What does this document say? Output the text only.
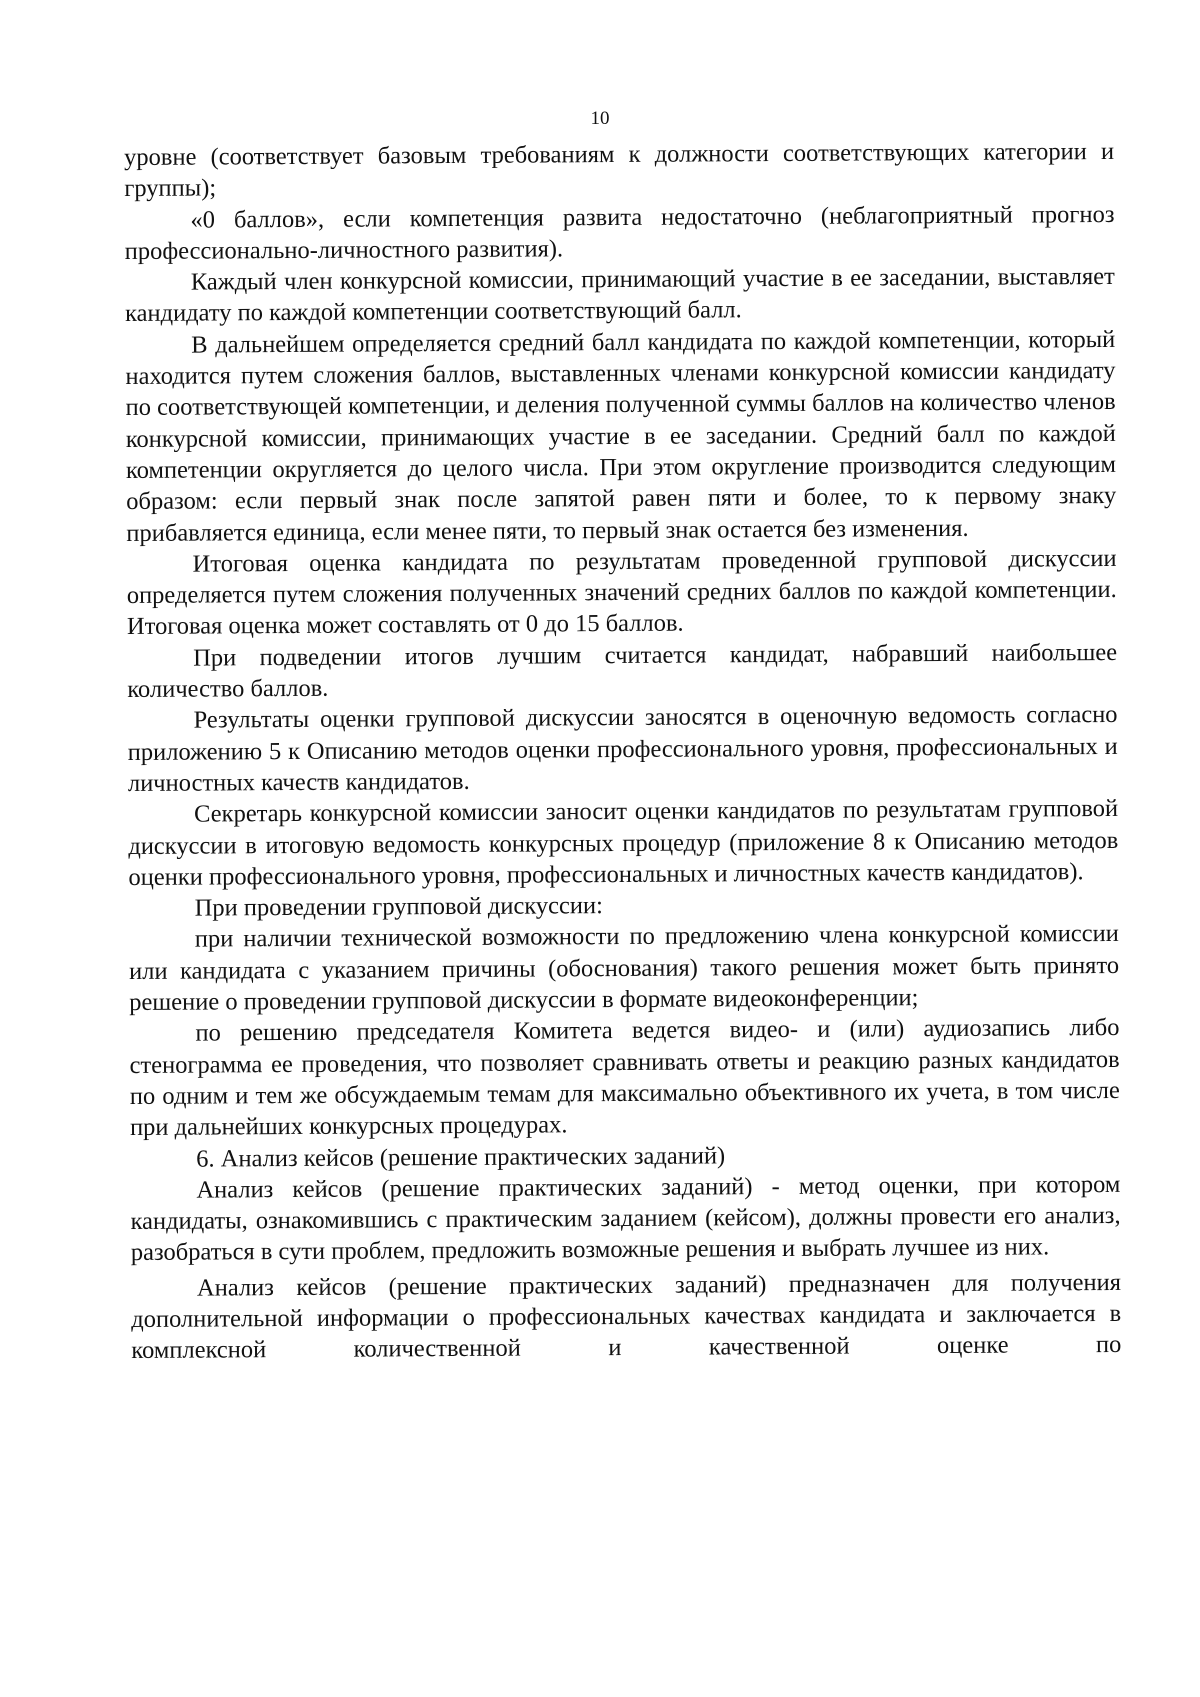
10

уровне (соответствует базовым требованиям к должности соответствующих категории и группы);

«0 баллов», если компетенция развита недостаточно (неблагоприятный прогноз профессионально-личностного развития).

Каждый член конкурсной комиссии, принимающий участие в ее заседании, выставляет кандидату по каждой компетенции соответствующий балл.

В дальнейшем определяется средний балл кандидата по каждой компетенции, который находится путем сложения баллов, выставленных членами конкурсной комиссии кандидату по соответствующей компетенции, и деления полученной суммы баллов на количество членов конкурсной комиссии, принимающих участие в ее заседании. Средний балл по каждой компетенции округляется до целого числа. При этом округление производится следующим образом: если первый знак после запятой равен пяти и более, то к первому знаку прибавляется единица, если менее пяти, то первый знак остается без изменения.

Итоговая оценка кандидата по результатам проведенной групповой дискуссии определяется путем сложения полученных значений средних баллов по каждой компетенции. Итоговая оценка может составлять от 0 до 15 баллов.

При подведении итогов лучшим считается кандидат, набравший наибольшее количество баллов.

Результаты оценки групповой дискуссии заносятся в оценочную ведомость согласно приложению 5 к Описанию методов оценки профессионального уровня, профессиональных и личностных качеств кандидатов.

Секретарь конкурсной комиссии заносит оценки кандидатов по результатам групповой дискуссии в итоговую ведомость конкурсных процедур (приложение 8 к Описанию методов оценки профессионального уровня, профессиональных и личностных качеств кандидатов).

При проведении групповой дискуссии:

при наличии технической возможности по предложению члена конкурсной комиссии или кандидата с указанием причины (обоснования) такого решения может быть принято решение о проведении групповой дискуссии в формате видеоконференции;

по решению председателя Комитета ведется видео- и (или) аудиозапись либо стенограмма ее проведения, что позволяет сравнивать ответы и реакцию разных кандидатов по одним и тем же обсуждаемым темам для максимально объективного их учета, в том числе при дальнейших конкурсных процедурах.

6. Анализ кейсов (решение практических заданий)

Анализ кейсов (решение практических заданий) - метод оценки, при котором кандидаты, ознакомившись с практическим заданием (кейсом), должны провести его анализ, разобраться в сути проблем, предложить возможные решения и выбрать лучшее из них.

Анализ кейсов (решение практических заданий) предназначен для получения дополнительной информации о профессиональных качествах кандидата и заключается в комплексной количественной и качественной оценке по
